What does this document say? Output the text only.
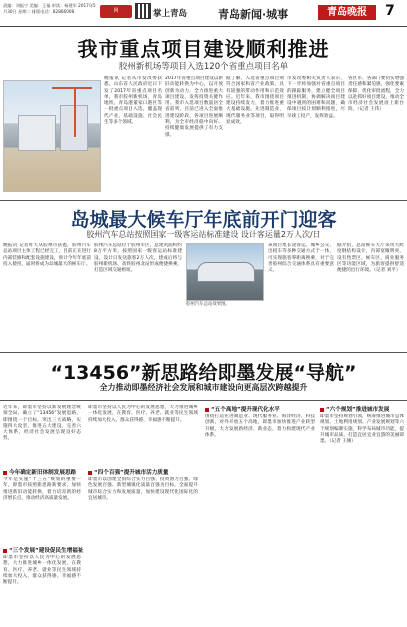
责编：刘振宁 美编：王福 审读：杨建军 2017年5月30日 星期二 排版电话：82866008	网	掌上青岛	青岛新闻·城事	青岛晚报	7
我市重点项目建设顺利推进
胶州新机场等项目入选120个省重点项目名单
晚报讯 记者从市发改委获悉，山东省人民政府近日下发了2017年省重点项目名单，我市胶州新机场、青岛地铁、青岛港董家口港区等一批重点项目入选，覆盖现代产业、基础设施、社会民生等多个领域。
2017年省重点项目建设以新旧动能转换为中心，以开放创新为动力，全力推进重大项目建设，发挥投资关键作用。我市入选项目数量居全省前列，目前已进入全面推进建设阶段，各项目进展顺利，为全市经济稳中向好、持续健康发展提供了有力支撑。
据了解，入选省重点项目须符合国家和省产业政策，具有较强的带动作用和示范效应。近年来，我市围绕项目建设持续发力，着力推进重大基础设施、先进制造业、现代服务业等项目，取得明显成效。
市发改委相关负责人表示，下一步将加强对省重点项目的跟踪服务，建立健全项目推进机制，协调解决项目建设中遇到的困难和问题，确保项目按计划顺利推进，尽早竣工投产，发挥效益。
各区市、各部门要切实增强责任感和紧迫感，强化要素保障，优化审批流程，全力以赴抓好项目建设，推动全市经济社会发展再上新台阶。（记者 王伟）
岛城最大候车厅年底前开门迎客
胶州汽车总站按照国家一级客运站标准建设 设计客运量2万人次/日
晚报讯 记者昨天从胶州市获悉，胶州汽车总站项目主体工程已经完工，目前正在进行内部装修和配套设施建设，预计今年年底前投入使用，届时将成为岛城最大的候车厅。
胶州汽车总站位于胶州市区，总建筑面积约8万平方米，按照国家一级客运站标准建设，设计日发送旅客2万人次，建成后将与胶州新机场、高铁胶州北站形成便捷换乘，打造区域交通枢纽。
胶州汽车总站效果图。
该项目集长途客运、城乡公交、出租车等多种交通方式于一体，可实现旅客零距离换乘，对于完善胶州综合交通体系具有重要意义。
据介绍，总站候车大厅采用大跨度钢结构设计，内部宽敞明亮，设有售票区、候车区、商业服务区等功能区域，为旅客提供舒适便捷的出行环境。（记者 刘平）
“13456”新思路给即墨发展“导航”
全力推动即墨经济社会发展和城市建设向更高层次跨越提升
近年来，即墨市坚持以新发展理念统领全局，确立了“13456”发展思路，即围绕一个目标，突出三大战略，实施四大攻坚，推进五大建设，完善六大体系，经济社会发展呈现良好态势。
今年确定新旧体制发展思路
今年是实施“十三五”规划的重要一年，即墨市按照新思路新要求，加快推进新旧动能转换，着力培育新的经济增长点，推动经济高质量发展。
“三个发展”建设促民生增福祉
即墨市坚持以人民为中心的发展思想，大力推进城乡一体化发展，在教育、医疗、养老、就业等民生领域持续加大投入，群众获得感、幸福感不断提升。
“四个百强”提升城市活力质量
即墨市坚持以人民为中心的发展思想，大力推进城乡一体化发展，在教育、医疗、养老、就业等民生领域持续加大投入，群众获得感、幸福感不断提升。
即墨市以创建全国综合实力百强、投资潜力百强、绿色发展百强、新型城镇化质量百强为目标，全面提升城市综合实力和发展质量，加快建设现代化国际化的宜居城市。
“五个高地”提升现代化水平
围绕打造先进制造业、现代服务业、海洋经济、科技创新、对外开放五个高地，即墨市加快推进产业转型升级，大力发展新经济、新业态，着力构建现代产业体系。
“六个规划”推进城市发展
即墨市坚持规划引领，统筹推进城市总体规划、土地利用规划、产业发展规划等六个规划编制实施，科学布局城市功能，提升城市品质，打造宜居宜业宜游的美丽即墨。（记者 王刚）
